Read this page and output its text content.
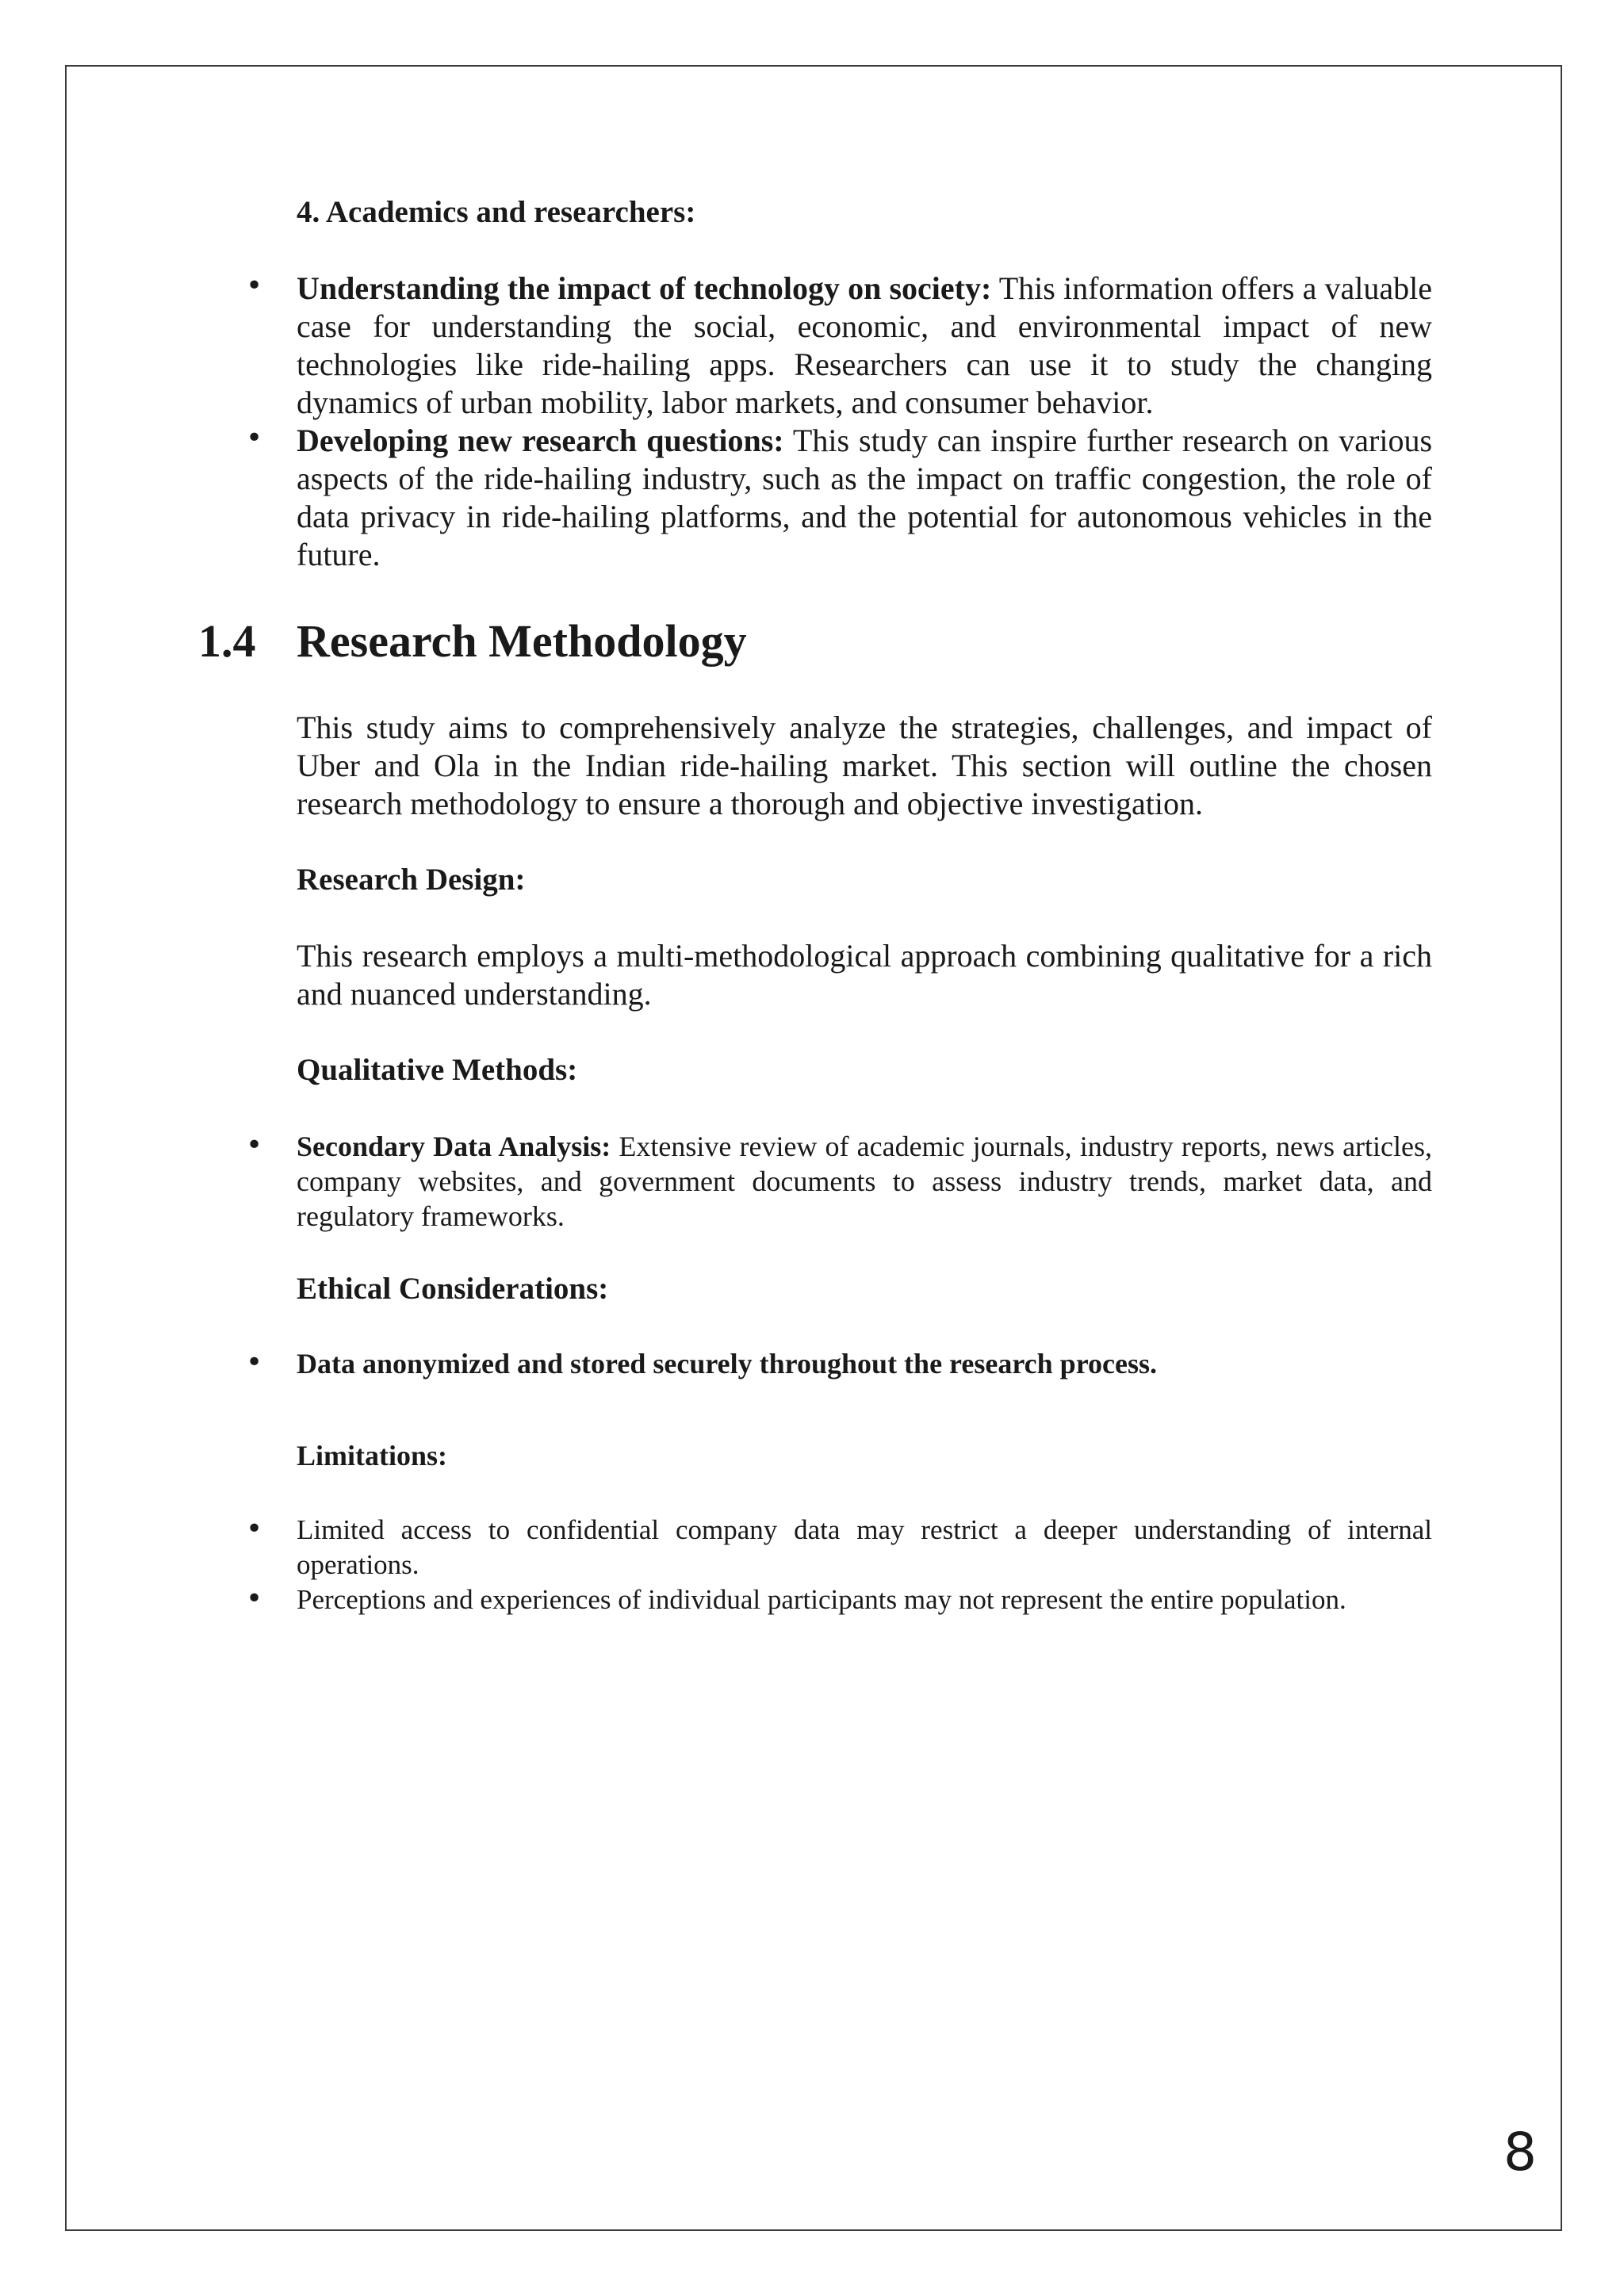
4. Academics and researchers:

• Understanding the impact of technology on society: This information offers a valuable case for understanding the social, economic, and environmental impact of new technologies like ride-hailing apps. Researchers can use it to study the changing dynamics of urban mobility, labor markets, and consumer behavior.

• Developing new research questions: This study can inspire further research on various aspects of the ride-hailing industry, such as the impact on traffic congestion, the role of data privacy in ride-hailing platforms, and the potential for autonomous vehicles in the future.

1.4 Research Methodology

This study aims to comprehensively analyze the strategies, challenges, and impact of Uber and Ola in the Indian ride-hailing market. This section will outline the chosen research methodology to ensure a thorough and objective investigation.

Research Design:

This research employs a multi-methodological approach combining qualitative for a rich and nuanced understanding.

Qualitative Methods:

• Secondary Data Analysis: Extensive review of academic journals, industry reports, news articles, company websites, and government documents to assess industry trends, market data, and regulatory frameworks.

Ethical Considerations:

• Data anonymized and stored securely throughout the research process.

Limitations:

• Limited access to confidential company data may restrict a deeper understanding of internal operations.

• Perceptions and experiences of individual participants may not represent the entire population.

8
